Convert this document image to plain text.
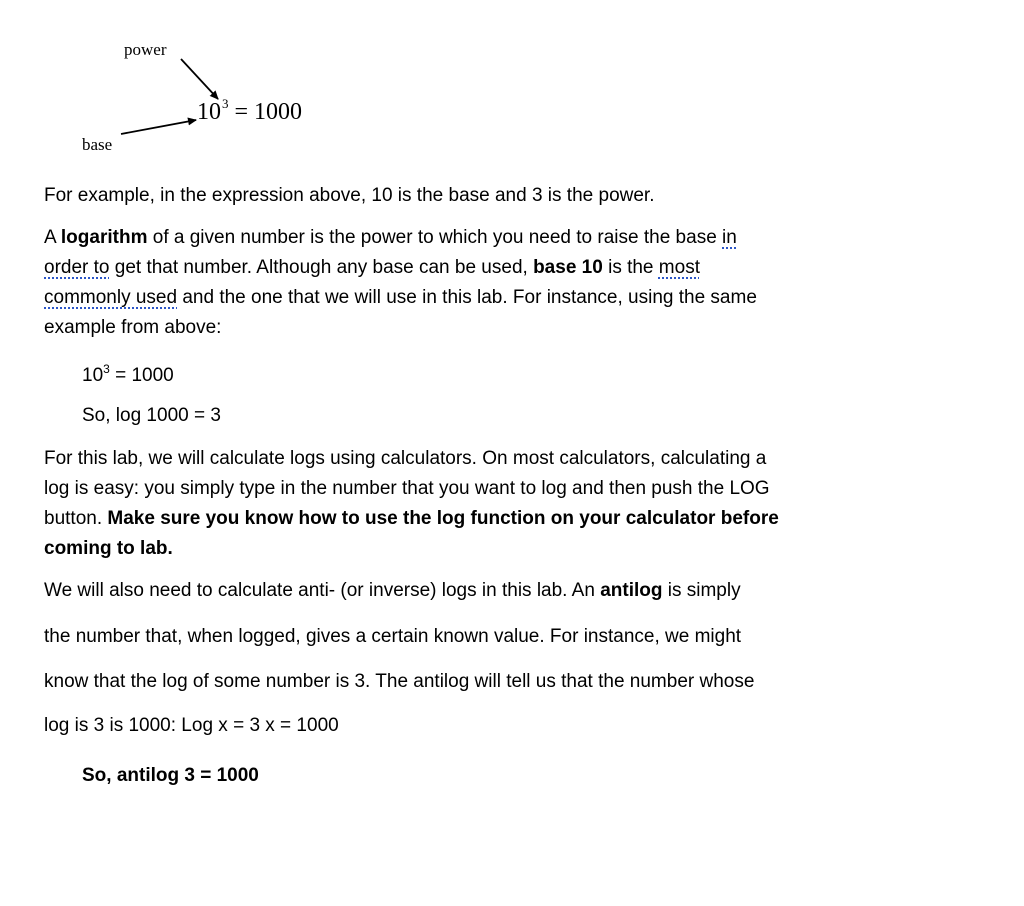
power
base
$10^3 = 1000$
For example, in the expression above, 10 is the base and 3 is the power.
A logarithm of a given number is the power to which you need to raise the base in
order to get that number. Although any base can be used, base 10 is the most
commonly used and the one that we will use in this lab. For instance, using the same
example from above:
$10^3 = 1000$
So, log 1000 = 3
For this lab, we will calculate logs using calculators. On most calculators, calculating a
log is easy: you simply type in the number that you want to log and then push the LOG
button. Make sure you know how to use the log function on your calculator before
coming to lab.
We will also need to calculate anti- (or inverse) logs in this lab. An antilog is simply
the number that, when logged, gives a certain known value. For instance, we might
know that the log of some number is 3. The antilog will tell us that the number whose
log is 3 is 1000: Log x = 3 x = 1000
So, antilog 3 = 1000
